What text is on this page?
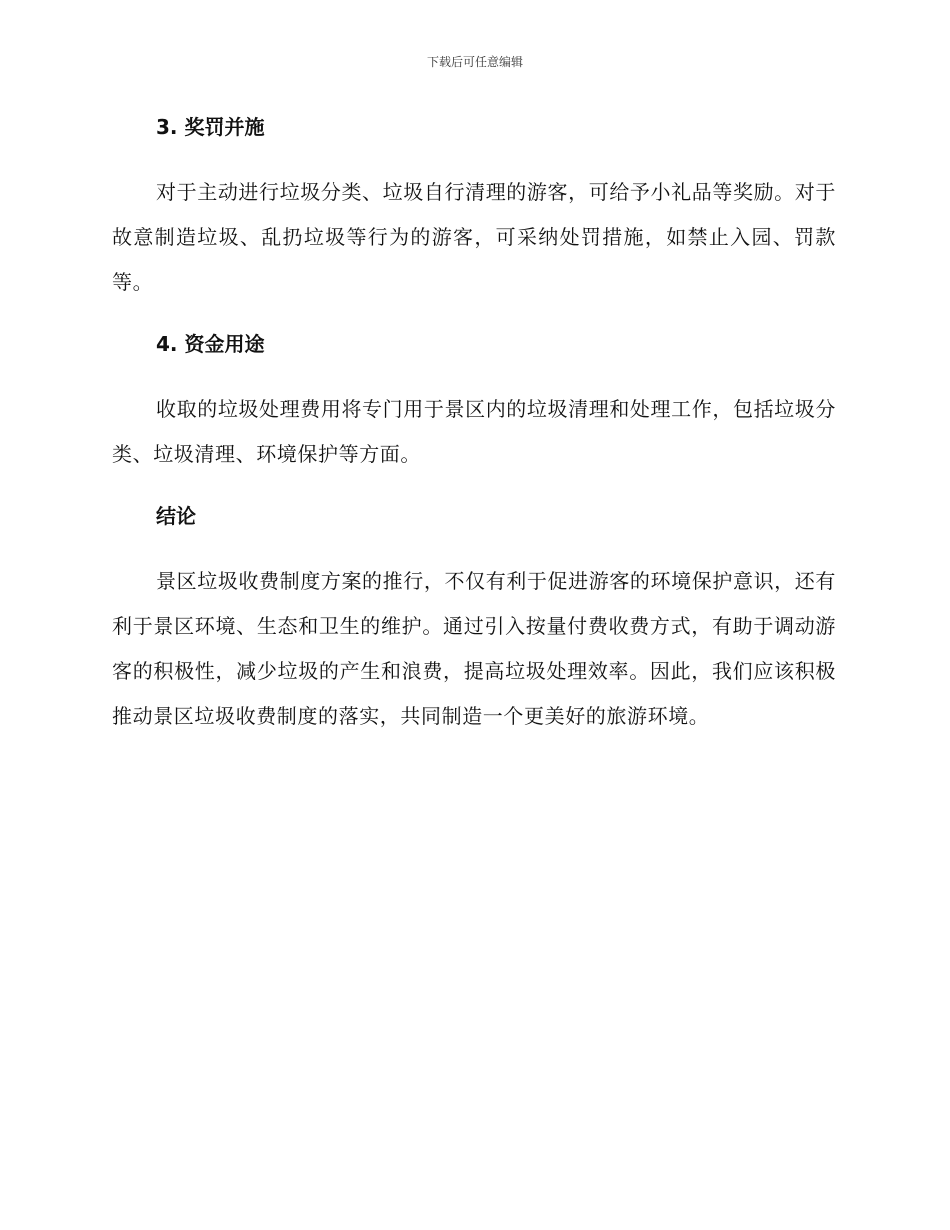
下载后可任意编辑
3. 奖罚并施

对于主动进行垃圾分类、垃圾自行清理的游客，可给予小礼品等奖励。对于故意制造垃圾、乱扔垃圾等行为的游客，可采纳处罚措施，如禁止入园、罚款等。

4. 资金用途

收取的垃圾处理费用将专门用于景区内的垃圾清理和处理工作，包括垃圾分类、垃圾清理、环境保护等方面。

结论

景区垃圾收费制度方案的推行，不仅有利于促进游客的环境保护意识，还有利于景区环境、生态和卫生的维护。通过引入按量付费收费方式，有助于调动游客的积极性，减少垃圾的产生和浪费，提高垃圾处理效率。因此，我们应该积极推动景区垃圾收费制度的落实，共同制造一个更美好的旅游环境。
